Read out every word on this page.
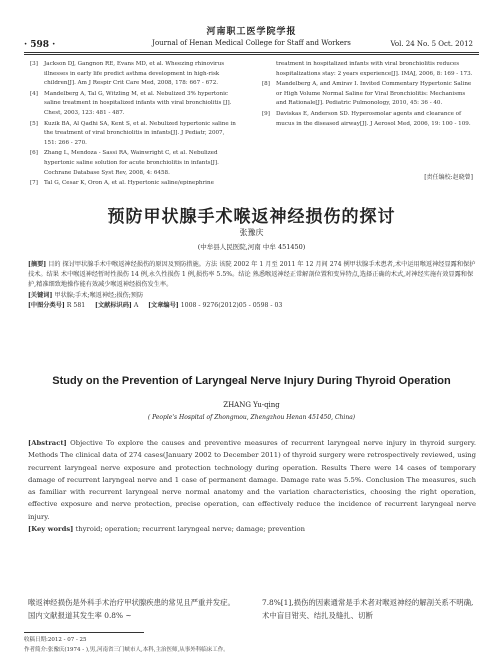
河南职工医学院学报
· 598 ·	Journal of Henan Medical College for Staff and Workers	Vol. 24 No. 5 Oct. 2012
[3]	Jackson DJ, Gangnon RE, Evans MD, et al. Wheezing rhinovirus illnesses in early life predict asthma development in high-risk children[J]. Am J Respir Crit Care Med, 2008, 178: 667 - 672.
[4]	Mandelberg A, Tal G, Witzling M, et al. Nebulized 3% hypertonic saline treatment in hospitalized infants with viral bronchiolitis [J]. Chest, 2003, 123: 481 - 487.
[5]	Kuzik BA, Al Qadhi SA, Kent S, et al. Nebulized hypertonic saline in the treatment of viral bronchiolitis in infants[J]. J Pediatr, 2007, 151: 266 - 270.
[6]	Zhang L, Mendoza - Sassi RA, Wainwright C, et al. Nebulized hypertonic saline solution for acute bronchiolitis in infants[J]. Cochrane Database Syst Rev, 2008, 4: 6458.
[7]	Tal G, Cesar K, Oron A, et al. Hypertonic saline/epinephrine
treatment in hospitalized infants with viral bronchiolitis reduces hospitalizations stay: 2 years experience[J]. IMAJ, 2006, 8: 169 - 173.
[8]	Mandelberg A, and Amirav I. Invited Commentary Hypertonic Saline or High Volume Normal Saline for Viral Bronchiolitis: Mechanisms and Rationale[J]. Pediatric Pulmonology, 2010, 45: 36 - 40.
[9]	Daviskas E, Anderson SD. Hyperosmolar agents and clearance of mucus in the diseased airway[J]. J Aerosol Med, 2006, 19: 100 - 109.
[责任编校:赵晓曾]
预防甲状腺手术喉返神经损伤的探讨
张豫庆
(中牟县人民医院,河南 中牟 451450)
[摘要] 目的 探讨甲状腺手术中喉返神经损伤的原因及预防措施。方法 该院 2002 年 1 月至 2011 年 12 月间 274 例甲状腺手术患者,术中运用喉返神经显露和保护技术。结果 术中喉返神经暂时性损伤 14 例,永久性损伤 1 例,损伤率 5.5%。结论 熟悉喉返神经正常解剖位置和变异特点,选择正确的术式,对神经实施有效显露和保护,精准细致地操作能有效减少喉返神经损伤发生率。
[关键词] 甲状腺;手术;喉返神经;损伤;预防
[中图分类号] R 581 [文献标识码] A [文章编号] 1008 - 9276(2012)05 - 0598 - 03
Study on the Prevention of Laryngeal Nerve Injury During Thyroid Operation
ZHANG Yu-qing
( People's Hospital of Zhongmou, Zhengzhou Henan 451450, China)
[Abstract] Objective To explore the causes and preventive measures of recurrent laryngeal nerve injury in thyroid surgery. Methods The clinical data of 274 cases(January 2002 to December 2011) of thyroid surgery were retrospectively reviewed, using recurrent laryngeal nerve exposure and protection technology during operation. Results There were 14 cases of temporary damage of recurrent laryngeal nerve and 1 case of permanent damage. Damage rate was 5.5%. Conclusion The measures, such as familiar with recurrent laryngeal nerve normal anatomy and the variation characteristics, choosing the right operation, effective exposure and nerve protection, precise operation, can effectively reduce the incidence of recurrent laryngeal nerve injury.
[Key words] thyroid; operation; recurrent laryngeal nerve; damage; prevention
喉返神经损伤是外科手术治疗甲状腺疾患的常见且严重并发症。国内文献报道其发生率 0.8% ~
7.8%[1],损伤的因素通常是手术者对喉返神经的解剖关系不明确,术中盲目钳夹、结扎及缝扎、切断
收稿日期:2012 - 07 - 25
作者简介:张豫庆(1974 - ),男,河南省三门峡市人,本科,主治医师,从事外科临床工作。
